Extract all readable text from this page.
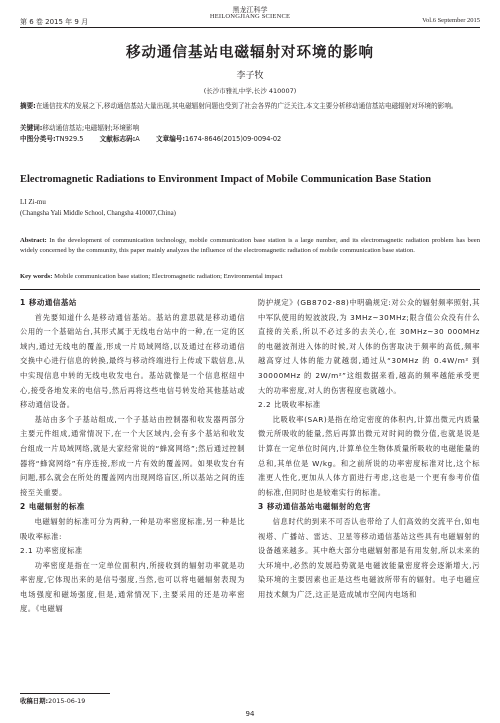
第 6 卷 2015 年 9 月
黑龙江科学
HEILONGJIANG SCIENCE
Vol.6 September 2015
移动通信基站电磁辐射对环境的影响
李子牧
(长沙市雅礼中学,长沙 410007)
摘要:在通信技术的发展之下,移动通信基站大量出现,其电磁辐射问题也受到了社会各界的广泛关注,本文主要分析移动通信基站电磁辐射对环境的影响。
关键词:移动通信基站;电磁辐射;环境影响
中图分类号:TN929.5 文献标志码:A 文章编号:1674-8646(2015)09-0094-02
Electromagnetic Radiations to Environment Impact of Mobile Communication Base Station
LI Zi-mu
(Changsha Yali Middle School, Changsha 410007,China)
Abstract: In the development of communication technology, mobile communication base station is a large number, and its electromagnetic radiation problem has been widely concerned by the community, this paper mainly analyzes the influence of the electromagnetic radiation of mobile communication base station.
Key words: Mobile communication base station; Electromagnetic radiation; Environmental impact
1 移动通信基站

首先要知道什么是移动通信基站。基站的意思就是移动通信公用的一个基础站台,其形式属于无线电台站中的一种,在一定的区域内,通过无线电的覆盖,形成一片局域网络,以及通过在移动通信交换中心进行信息的转换,最终与移动终端进行上传或下载信息,从中实现信息中转的无线电收发电台。基站就像是一个信息枢纽中心,接受各地发来的电信号,然后再将这些电信号转发给其他基站或移动通信设备。

基站由多个子基站组成,一个子基站由控制器和收发器两部分主要元件组成,通常情况下,在一个大区域内,会有多个基站和收发台组成一片局域网络,就是大家经常说的“蜂窝网络”;然后通过控制器将“蜂窝网络”有序连接,形成一片有效的覆盖网。如果收发台有问题,那么就会在所处的覆盖网内出现网络盲区,所以基站之间的连接至关重要。

2 电磁辐射的标准

电磁辐射的标准可分为两种,一种是功率密度标准,另一种是比吸收率标准:

2.1 功率密度标准

功率密度是指在一定单位面积内,所接收到的辐射功率就是功率密度,它体现出来的是信号强度,当然,也可以将电磁辐射表现为电场强度和磁场强度,但是,通常情况下,主要采用的还是功率密度。《电磁辐

防护规定》(GB8702-88)中明确规定:对公众的辐射频率照射,其中军队使用的短波波段,为 3MHz~30MHz;限含值公众没有什么直接的关系,所以不必过多的去关心,在 30MHz~30 000MHz 的电磁波剂进入体的时候,对人体的伤害取决于频率的高低,频率越高穿过人体的能力就越弱,通过从“30MHz 的 0.4W/m² 到 30000MHz 的 2W/m²”这组数据来看,越高的频率越能承受更大的功率密度,对人的伤害程度也就越小。

2.2 比吸收率标准

比吸收率(SAR)是指在给定密度的体积内,计算出微元内质量微元所吸收的能量,然后再算出微元对时间的微分值,也就是说是计算在一定单位时间内,计算单位生物体质量所吸收的电磁能量的总和,其单位是 W/kg。和之前所说的功率密度标准对比,这个标准更人性化,更加从人体方面进行考虑,这也是一个更有参考价值的标准,但同时也是较难实行的标准。

3 移动通信基站电磁辐射的危害

信息时代的到来不可否认也带给了人们高效的交流平台,如电视塔、广播站、雷达、卫星等移动通信基站这些具有电磁辐射的设备越来越多。其中绝大部分电磁辐射都是有用发射,所以未来的大环境中,必然的发展趋势就是电磁波能量密度将会逐渐增大,污染环境的主要因素也正是这些电磁波所带有的辐射。电子电磁应用技术颇为广泛,这正是造成城市空间内电场和

收稿日期:2015-06-19
94
